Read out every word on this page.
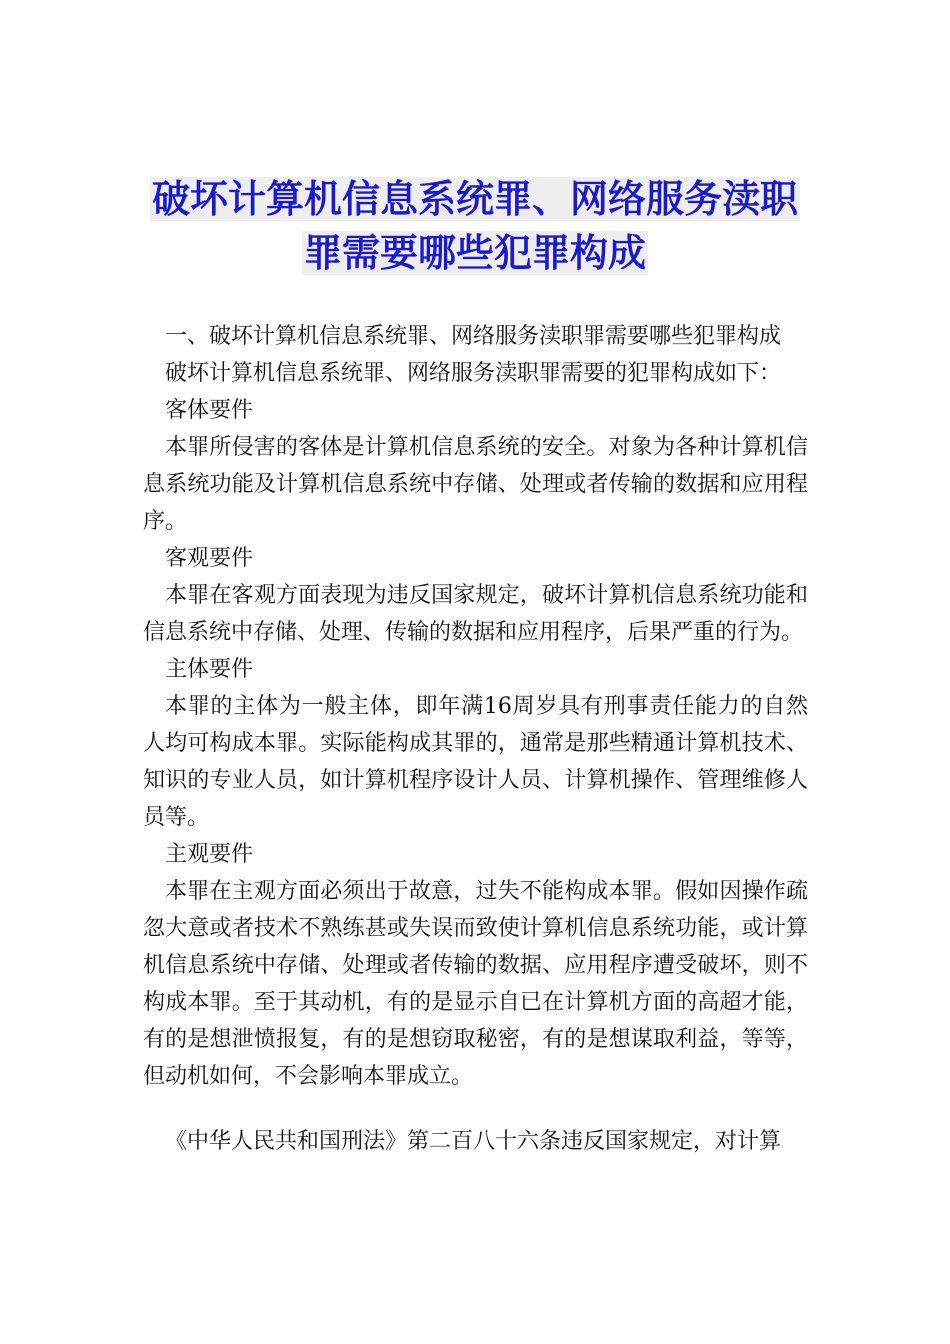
破坏计算机信息系统罪、网络服务渎职
罪需要哪些犯罪构成

一、破坏计算机信息系统罪、网络服务渎职罪需要哪些犯罪构成

破坏计算机信息系统罪、网络服务渎职罪需要的犯罪构成如下：

客体要件

本罪所侵害的客体是计算机信息系统的安全。对象为各种计算机信息系统功能及计算机信息系统中存储、处理或者传输的数据和应用程序。

客观要件

本罪在客观方面表现为违反国家规定，破坏计算机信息系统功能和信息系统中存储、处理、传输的数据和应用程序，后果严重的行为。

主体要件

本罪的主体为一般主体，即年满16周岁具有刑事责任能力的自然人均可构成本罪。实际能构成其罪的，通常是那些精通计算机技术、知识的专业人员，如计算机程序设计人员、计算机操作、管理维修人员等。

主观要件

本罪在主观方面必须出于故意，过失不能构成本罪。假如因操作疏忽大意或者技术不熟练甚或失误而致使计算机信息系统功能，或计算机信息系统中存储、处理或者传输的数据、应用程序遭受破坏，则不构成本罪。至于其动机，有的是显示自已在计算机方面的高超才能，有的是想泄愤报复，有的是想窃取秘密，有的是想谋取利益，等等，但动机如何，不会影响本罪成立。

《中华人民共和国刑法》第二百八十六条违反国家规定，对计算
